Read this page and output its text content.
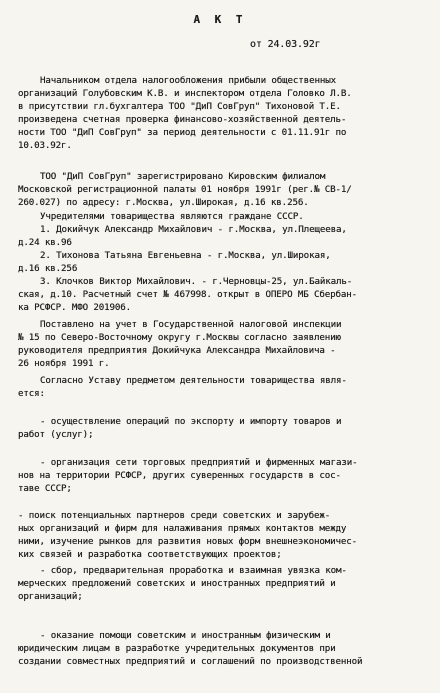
А К Т
от 24.03.92г
Начальником отдела налогообложения прибыли общественных
организаций Голубовским К.В. и инспектором отдела Головко Л.В.
в присутствии гл.бухгалтера ТОО "ДиП СовГруп" Тихоновой Т.Е.
произведена счетная проверка финансово-хозяйственной деятель-
ности ТОО "ДиП СовГруп" за период деятельности с 01.11.91г по
10.03.92г.
ТОО "ДиП СовГруп" зарегистрировано Кировским филиалом
Московской регистрационной палаты 01 ноября 1991г (рег.№ СВ-1/
260.027) по адресу: г.Москва, ул.Широкая, д.16 кв.256.
Учредителями товарищества являются граждане СССР.
1. Докийчук Александр Михайлович - г.Москва, ул.Плещеева,
д.24 кв.96
2. Тихонова Татьяна Евгеньевна - г.Москва, ул.Широкая,
д.16 кв.256
3. Клочков Виктор Михайлович. - г.Черновцы-25, ул.Байкаль-
ская, д.10. Расчетный счет № 467998. открыт в ОПЕРО МБ Сбербан-
ка РСФСР. МФО 201906.
Поставлено на учет в Государственной налоговой инспекции
№ 15 по Северо-Восточному округу г.Москвы согласно заявлению
руководителя предприятия Докийчука Александра Михайловича -
26 ноября 1991 г.
Согласно Уставу предметом деятельности товарищества явля-
ется:
- осуществление операций по экспорту и импорту товаров и
работ (услуг);
- организация сети торговых предприятий и фирменных магази-
нов на территории РСФСР, других суверенных государств в сос-
таве СССР;
- поиск потенциальных партнеров среди советских и зарубеж-
ных организаций и фирм для налаживания прямых контактов между
ними, изучение рынков для развития новых форм внешнеэкономичес-
ких связей и разработка соответствующих проектов;
- сбор, предварительная проработка и взаимная увязка ком-
мерческих предложений советских и иностранных предприятий и
организаций;
- оказание помощи советским и иностранным физическим и
юридическим лицам в разработке учредительных документов при
создании совместных предприятий и соглашений по производственной
